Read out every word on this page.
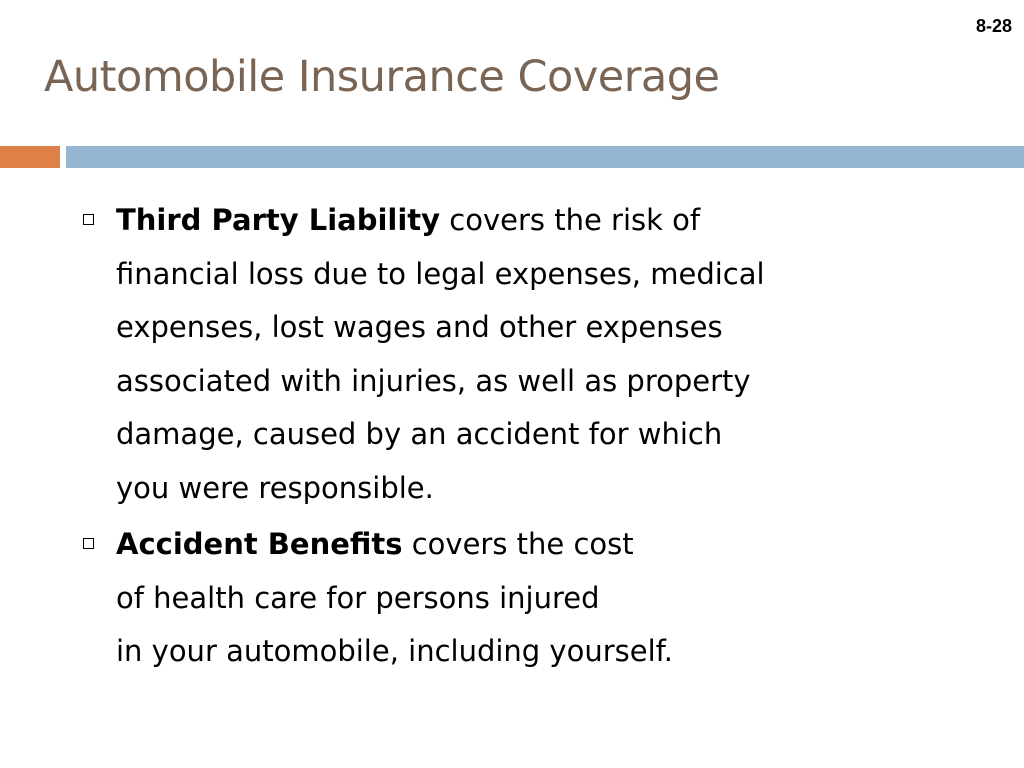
8-28
Automobile Insurance Coverage
Third Party Liability covers the risk of
financial loss due to legal expenses, medical
expenses, lost wages and other expenses
associated with injuries, as well as property
damage, caused by an accident for which
you were responsible.
Accident Benefits covers the cost
of health care for persons injured
in your automobile, including yourself.
